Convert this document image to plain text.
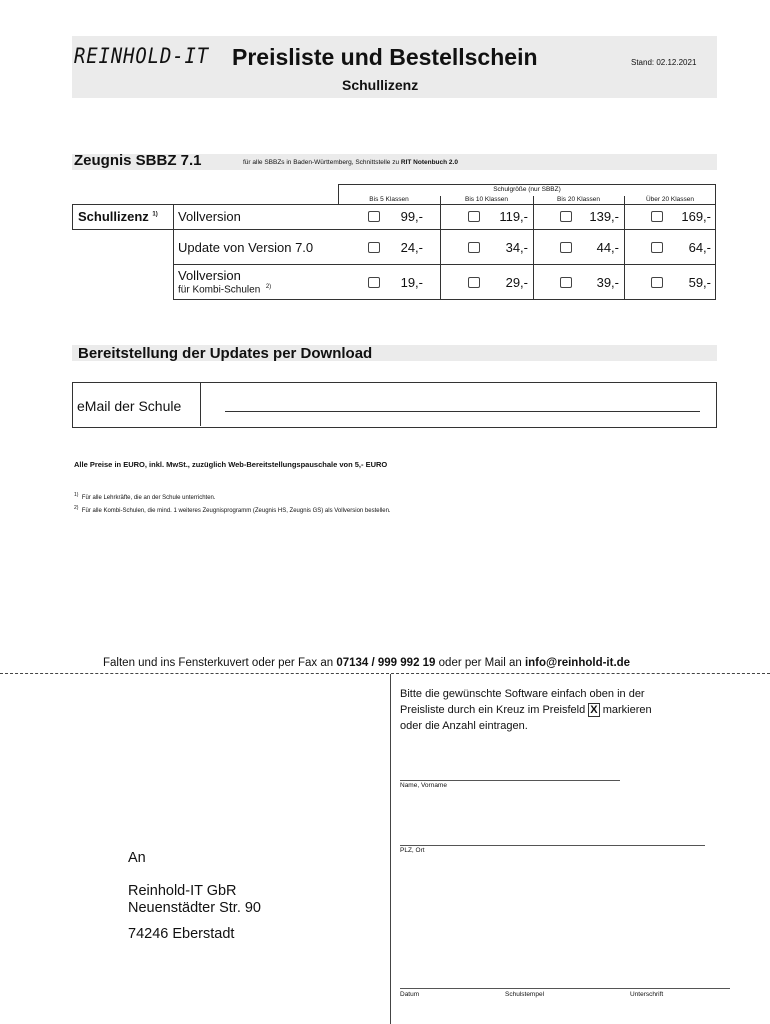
REINHOLD-IT Preisliste und Bestellschein
Schullizenz
Stand: 02.12.2021
Zeugnis SBBZ 7.1	für alle SBBZs in Baden-Württemberg, Schnittstelle zu RIT Notenbuch 2.0
Schulgröße (nur SBBZ)
Bis 5 Klassen	Bis 10 Klassen	Bis 20 Klassen	Über 20 Klassen
Schullizenz $^{1)}$ Vollversion	99,-	119,-	139,-	169,-
Update von Version 7.0	24,-	34,-	44,-	64,-
Vollversion
für Kombi-Schulen $^{2)}$	19,-	29,-	39,-	59,-
Bereitstellung der Updates per Download
eMail der Schule
Alle Preise in EURO, inkl. MwSt., zuzüglich Web-Bereitstellungspauschale von 5,- EURO
$^{1)}$ Für alle Lehrkräfte, die an der Schule unterrichten.
$^{2)}$ Für alle Kombi-Schulen, die mind. 1 weiteres Zeugnisprogramm (Zeugnis HS, Zeugnis GS) als Vollversion bestellen.
Falten und ins Fensterkuvert oder per Fax an 07134 / 999 992 19 oder per Mail an info@reinhold-it.de
Bitte die gewünschte Software einfach oben in der
Preisliste durch ein Kreuz im Preisfeld X markieren
oder die Anzahl eintragen.
Name, Vorname
PLZ, Ort
Datum	Schulstempel	Unterschrift
An
Reinhold-IT GbR
Neuenstädter Str. 90
74246 Eberstadt
